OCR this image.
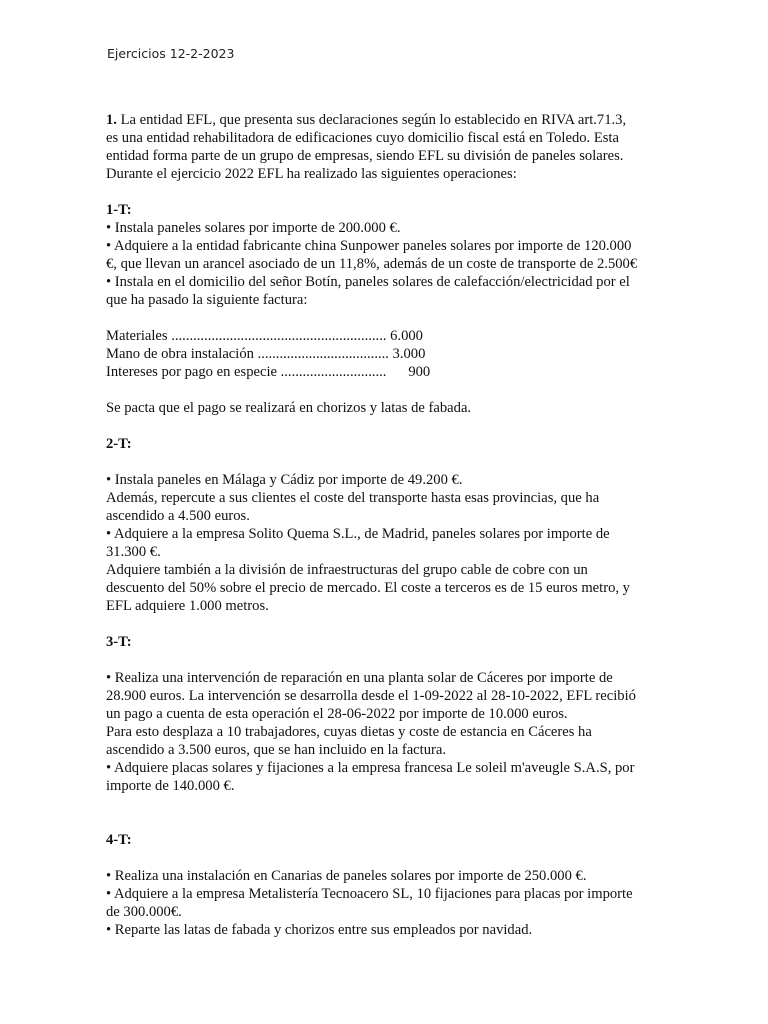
Ejercicios 12-2-2023

1. La entidad EFL, que presenta sus declaraciones según lo establecido en RIVA art.71.3,

es una entidad rehabilitadora de edificaciones cuyo domicilio fiscal está en Toledo. Esta

entidad forma parte de un grupo de empresas, siendo EFL su división de paneles solares.

Durante el ejercicio 2022 EFL ha realizado las siguientes operaciones:

1-T:

• Instala paneles solares por importe de 200.000 €.

• Adquiere a la entidad fabricante china Sunpower paneles solares por importe de 120.000

€, que llevan un arancel asociado de un 11,8%, además de un coste de transporte de 2.500€

• Instala en el domicilio del señor Botín, paneles solares de calefacción/electricidad por el

que ha pasado la siguiente factura:

Materiales ........................................................... 6.000
Mano de obra instalación .................................... 3.000
Intereses por pago en especie .............................      900

Se pacta que el pago se realizará en chorizos y latas de fabada.

2-T:

• Instala paneles en Málaga y Cádiz por importe de 49.200 €.

Además, repercute a sus clientes el coste del transporte hasta esas provincias, que ha

ascendido a 4.500 euros.

• Adquiere a la empresa Solito Quema S.L., de Madrid, paneles solares por importe de

31.300 €.

Adquiere también a la división de infraestructuras del grupo cable de cobre con un

descuento del 50% sobre el precio de mercado. El coste a terceros es de 15 euros metro, y

EFL adquiere 1.000 metros.

3-T:

• Realiza una intervención de reparación en una planta solar de Cáceres por importe de

28.900 euros. La intervención se desarrolla desde el 1-09-2022 al 28-10-2022, EFL recibió

un pago a cuenta de esta operación el 28-06-2022 por importe de 10.000 euros.

Para esto desplaza a 10 trabajadores, cuyas dietas y coste de estancia en Cáceres ha

ascendido a 3.500 euros, que se han incluido en la factura.

• Adquiere placas solares y fijaciones a la empresa francesa Le soleil m'aveugle S.A.S, por

importe de 140.000 €.

4-T:

• Realiza una instalación en Canarias de paneles solares por importe de 250.000 €.

• Adquiere a la empresa Metalistería Tecnoacero SL, 10 fijaciones para placas por importe

de 300.000€.

• Reparte las latas de fabada y chorizos entre sus empleados por navidad.
